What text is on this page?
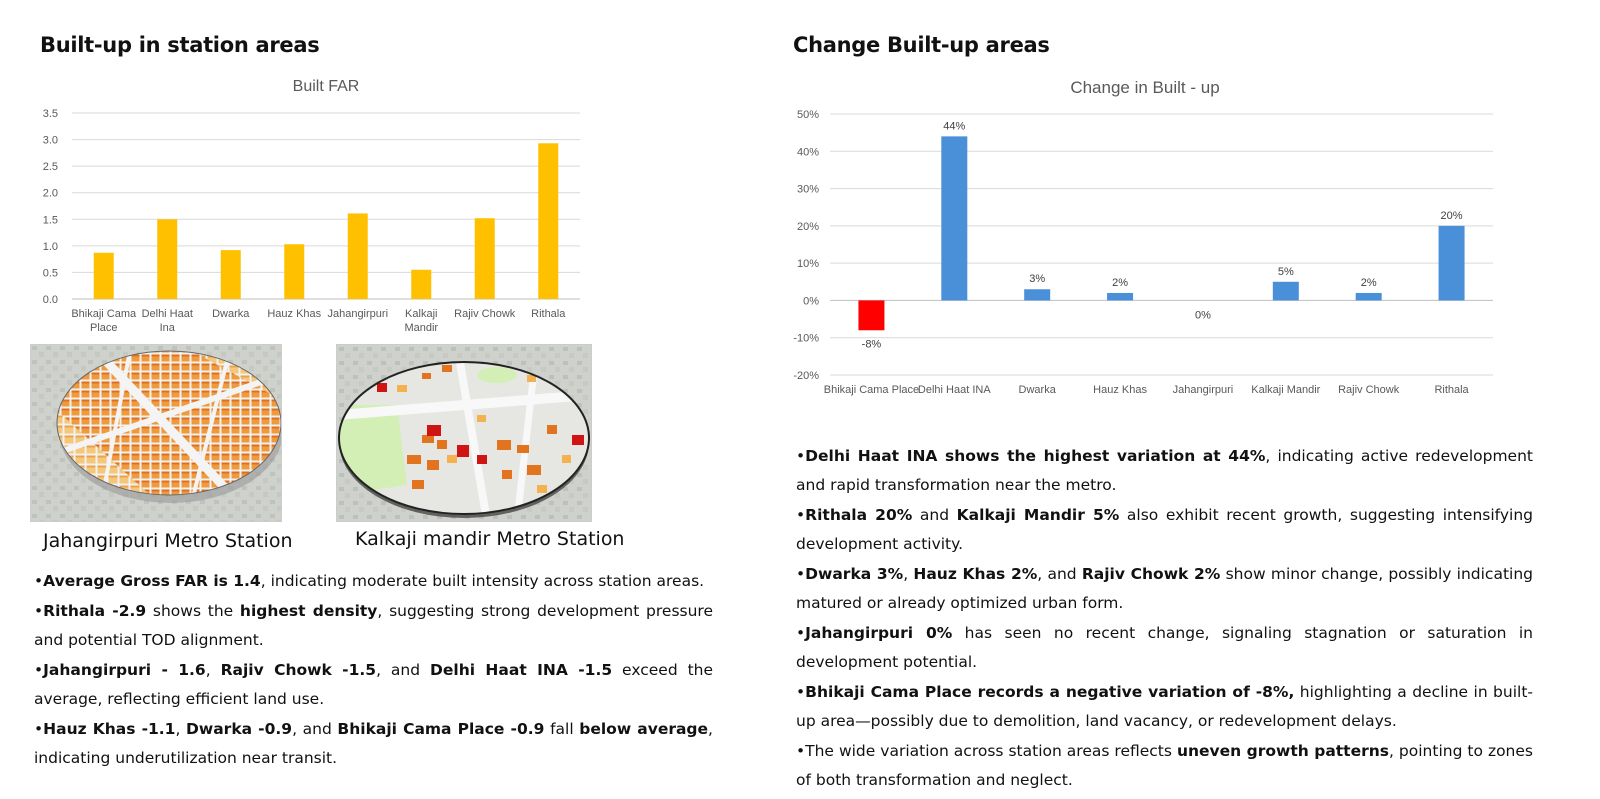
Built-up in station areas
Built FAR
0.0
0.5
1.0
1.5
2.0
2.5
3.0
3.5
Bhikaji Cama Place
Delhi Haat Ina
Dwarka Hauz Khas Jahangirpuri Kalkaji Mandir
Rajiv Chowk Rithala
Jahangirpuri Metro Station	Kalkaji mandir Metro Station

•Average Gross FAR is 1.4, indicating moderate built intensity across station areas.

•Rithala -2.9 shows the highest density, suggesting strong development pressure and potential TOD alignment.

•Jahangirpuri - 1.6, Rajiv Chowk -1.5, and Delhi Haat INA -1.5 exceed the average, reflecting efficient land use.

•Hauz Khas -1.1, Dwarka -0.9, and Bhikaji Cama Place -0.9 fall below average, indicating underutilization near transit.

Change Built-up areas
Change in Built - up
-20%
-10%
0%
10%
20%
30%
40%
50%
-8%
Bhikaji Cama Place
44%
Delhi Haat INA
3%
Dwarka
2%
Hauz Khas
0%
Jahangirpuri
5%
Kalkaji Mandir
2%
Rajiv Chowk
20%
Rithala

•Delhi Haat INA shows the highest variation at 44%, indicating active redevelopment and rapid transformation near the metro.

•Rithala 20% and Kalkaji Mandir 5% also exhibit recent growth, suggesting intensifying development activity.

•Dwarka 3%, Hauz Khas 2%, and Rajiv Chowk 2% show minor change, possibly indicating matured or already optimized urban form.

•Jahangirpuri 0% has seen no recent change, signaling stagnation or saturation in development potential.

•Bhikaji Cama Place records a negative variation of -8%, highlighting a decline in built-up area—possibly due to demolition, land vacancy, or redevelopment delays.

•The wide variation across station areas reflects uneven growth patterns, pointing to zones of both transformation and neglect.
